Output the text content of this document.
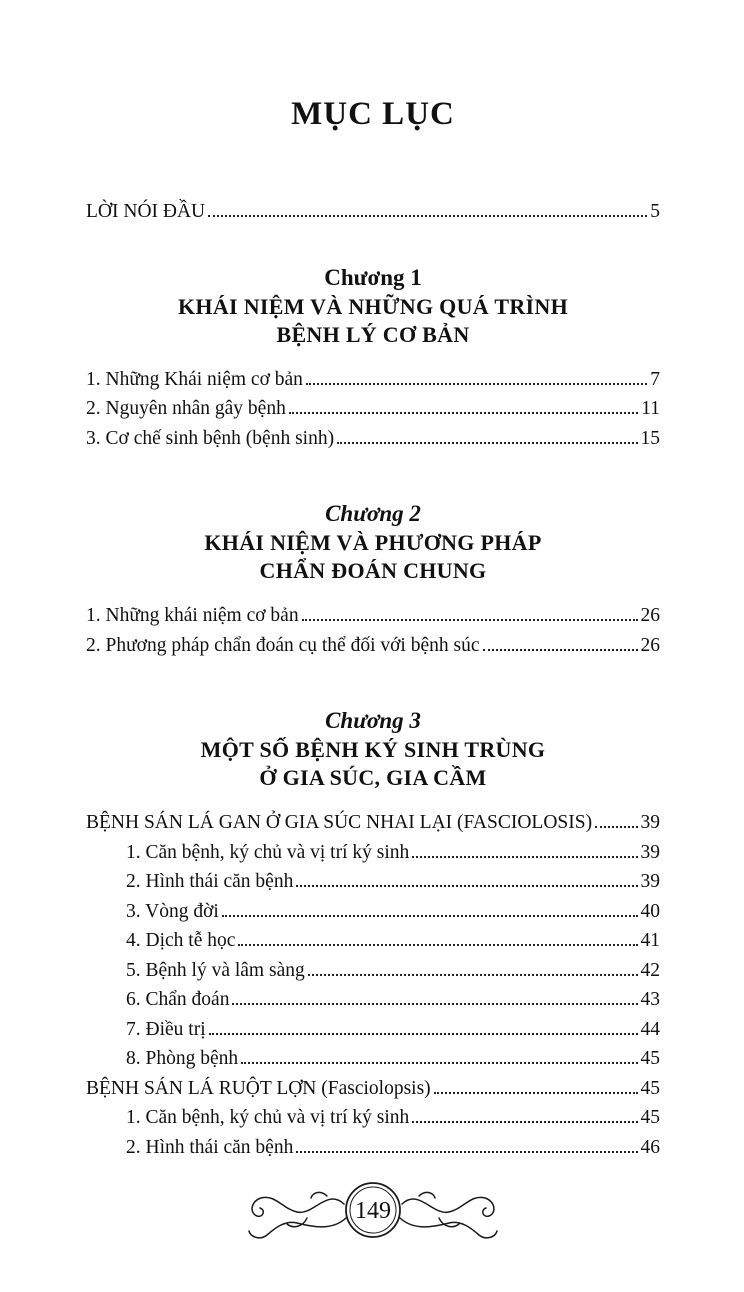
MỤC LỤC
LỜI NÓI ĐẦU	5
Chương 1
KHÁI NIỆM VÀ NHỮNG QUÁ TRÌNH
BỆNH LÝ CƠ BẢN
1. Những Khái niệm cơ bản	7
2. Nguyên nhân gây bệnh	11
3. Cơ chế sinh bệnh (bệnh sinh)	15
Chương 2
KHÁI NIỆM VÀ PHƯƠNG PHÁP
CHẨN ĐOÁN CHUNG
1. Những khái niệm cơ bản	26
2. Phương pháp chẩn đoán cụ thể đối với bệnh súc	26
Chương 3
MỘT SỐ BỆNH KÝ SINH TRÙNG
Ở GIA SÚC, GIA CẦM
BỆNH SÁN LÁ GAN Ở GIA SÚC NHAI LẠI (FASCIOLOSIS) 39
1. Căn bệnh, ký chủ và vị trí ký sinh	39
2. Hình thái căn bệnh	39
3. Vòng đời	40
4. Dịch tễ học	41
5. Bệnh lý và lâm sàng	42
6. Chẩn đoán	43
7. Điều trị	44
8. Phòng bệnh	45
BỆNH SÁN LÁ RUỘT LỢN (Fasciolopsis)	45
1. Căn bệnh, ký chủ và vị trí ký sinh	45
2. Hình thái căn bệnh	46
149
